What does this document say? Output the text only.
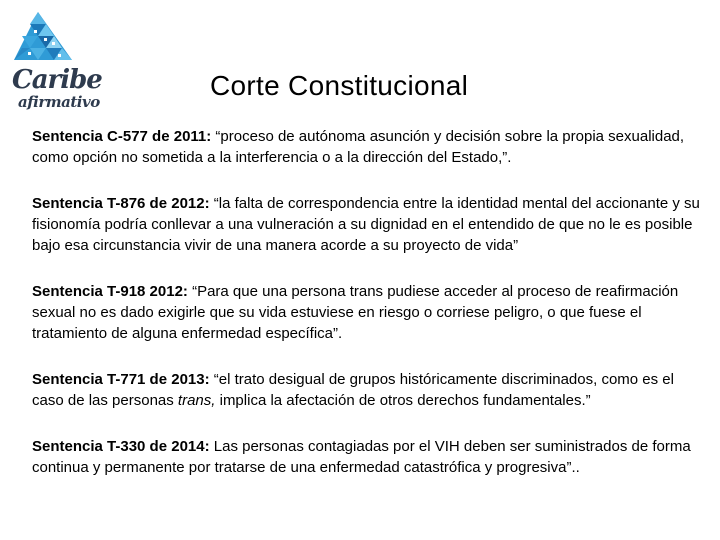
Caribe
afirmativo
Corte Constitucional

Sentencia C-577 de 2011: “proceso de autónoma asunción y decisión sobre la propia sexualidad, como opción no sometida a la interferencia o a la dirección del Estado,”.

Sentencia T-876 de 2012: “la falta de correspondencia entre la identidad mental del accionante y su fisionomía podría conllevar a una vulneración a su dignidad en el entendido de que no le es posible bajo esa circunstancia vivir de una manera acorde a su proyecto de vida”

Sentencia T-918 2012: “Para que una persona trans pudiese acceder al proceso de reafirmación sexual no es dado exigirle que su vida estuviese en riesgo o corriese peligro, o que fuese el tratamiento de alguna enfermedad específica”.

Sentencia T-771 de 2013: “el trato desigual de grupos históricamente discriminados, como es el caso de las personas trans, implica la afectación de otros derechos fundamentales.”

Sentencia T-330 de 2014: Las personas contagiadas por el VIH deben ser suministrados de forma continua y permanente por tratarse de una enfermedad catastrófica y progresiva”..
